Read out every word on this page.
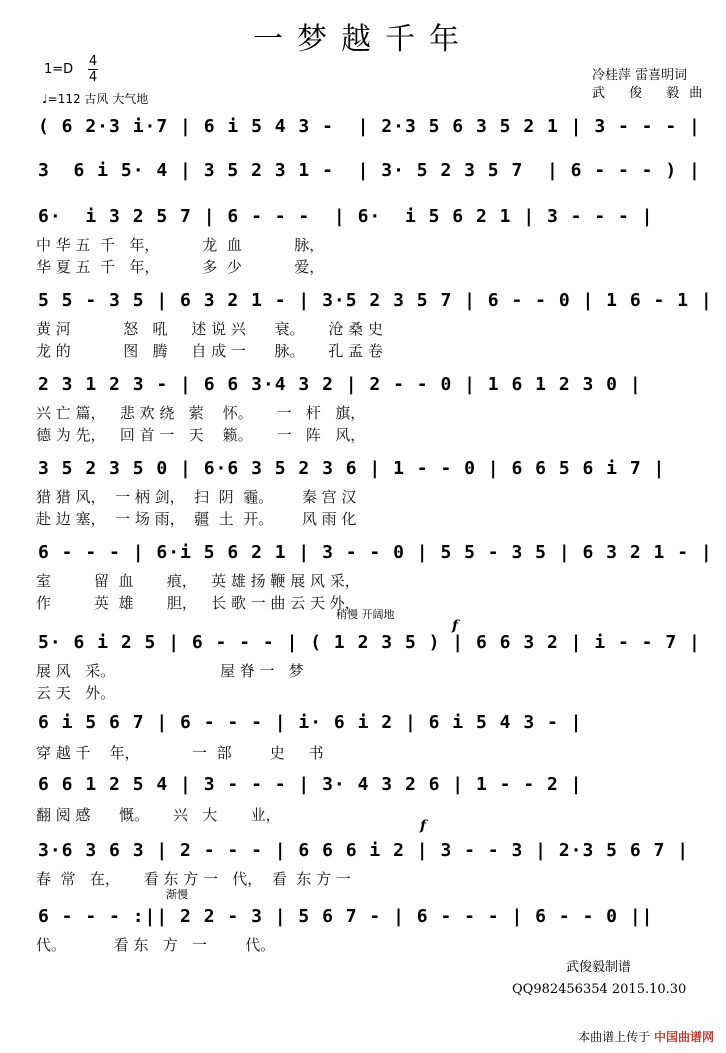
一梦越千年
1=D
4
4
♩=112 古风 大气地
冷桂萍 雷喜明词
武 俊 毅曲
( 6 2·3 i·7 | 6 i 5 4 3 -  | 2·3 5 6 3 5 2 1 | 3 - - - |
3  6 i 5· 4 | 3 5 2 3 1 -  | 3· 5 2 3 5 7  | 6 - - - ) |
6·  i 3 2 5 7 | 6 - - -  | 6·  i 5 6 2 1 | 3 - - - |
中 华 五  千   年，         龙  血           脉，
华 夏 五  千   年，         多  少           爱，
5 5 - 3 5 | 6 3 2 1 - | 3·5 2 3 5 7 | 6 - - 0 | 1 6 - 1 |
黄 河           怒   吼     述 说 兴      衰。     沧 桑 史
龙 的           图   腾     自 成 一      脉。     孔 孟 卷
2 3 1 2 3 - | 6 6 3·4 3 2 | 2 - - 0 | 1 6 1 2 3 0 |
兴 亡 篇，   悲 欢 绕   萦    怀。     一   杆   旗，
德 为 先，   回 首 一   天    籁。     一   阵   风，
3 5 2 3 5 0 | 6·6 3 5 2 3 6 | 1 - - 0 | 6 6 5 6 i 7 |
猎 猎 风，  一 柄 剑，  扫  阴  霾。      秦 宫 汉
赴 边 塞，  一 场 雨，  疆  土  开。      风 雨 化
6 - - - | 6·i 5 6 2 1 | 3 - - 0 | 5 5 - 3 5 | 6 3 2 1 - |
室         留  血       痕，   英 雄 扬 鞭 展 风 采，
作         英  雄       胆，   长 歌 一 曲 云 天 外，
稍慢 开阔地
f
5· 6 i 2 5 | 6 - - - | ( 1 2 3 5 ) | 6 6 3 2 | i - - 7 |
展 风   采。                      屋 脊 一   梦
云 天   外。
6 i 5 6 7 | 6 - - - | i· 6 i 2 | 6 i 5 4 3 - |
穿 越 千    年，           一  部        史     书
6 6 1 2 5 4 | 3 - - - | 3· 4 3 2 6 | 1 - - 2 |
翻 阅 感      慨。     兴   大       业，
f
3·6 3 6 3 | 2 - - - | 6 6 6 i 2 | 3 - - 3 | 2·3 5 6 7 |
春  常   在，     看 东 方 一   代，  看  东 方 一
渐慢
6 - - - :|| 2 2 - 3 | 5 6 7 - | 6 - - - | 6 - - 0 ||
代。          看 东   方   一        代。
武俊毅制谱
QQ982456354 2015.10.30
本曲谱上传于 中国曲谱网
